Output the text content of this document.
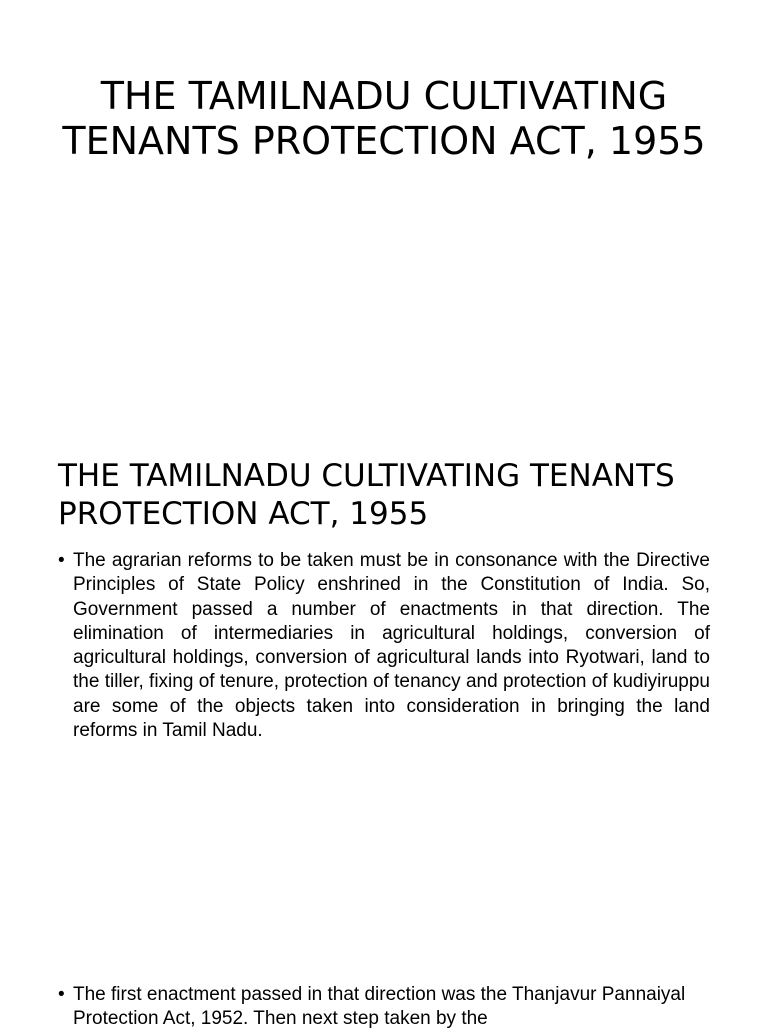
THE TAMILNADU CULTIVATING TENANTS PROTECTION ACT, 1955
THE TAMILNADU CULTIVATING TENANTS PROTECTION ACT, 1955
• The agrarian reforms to be taken must be in consonance with the Directive Principles of State Policy enshrined in the Constitution of India. So, Government passed a number of enactments in that direction. The elimination of intermediaries in agricultural holdings, conversion of agricultural holdings, conversion of agricultural lands into Ryotwari, land to the tiller, fixing of tenure, protection of tenancy and protection of kudiyiruppu are some of the objects taken into consideration in bringing the land reforms in Tamil Nadu.
• The first enactment passed in that direction was the Thanjavur Pannaiyal Protection Act, 1952. Then next step taken by the
